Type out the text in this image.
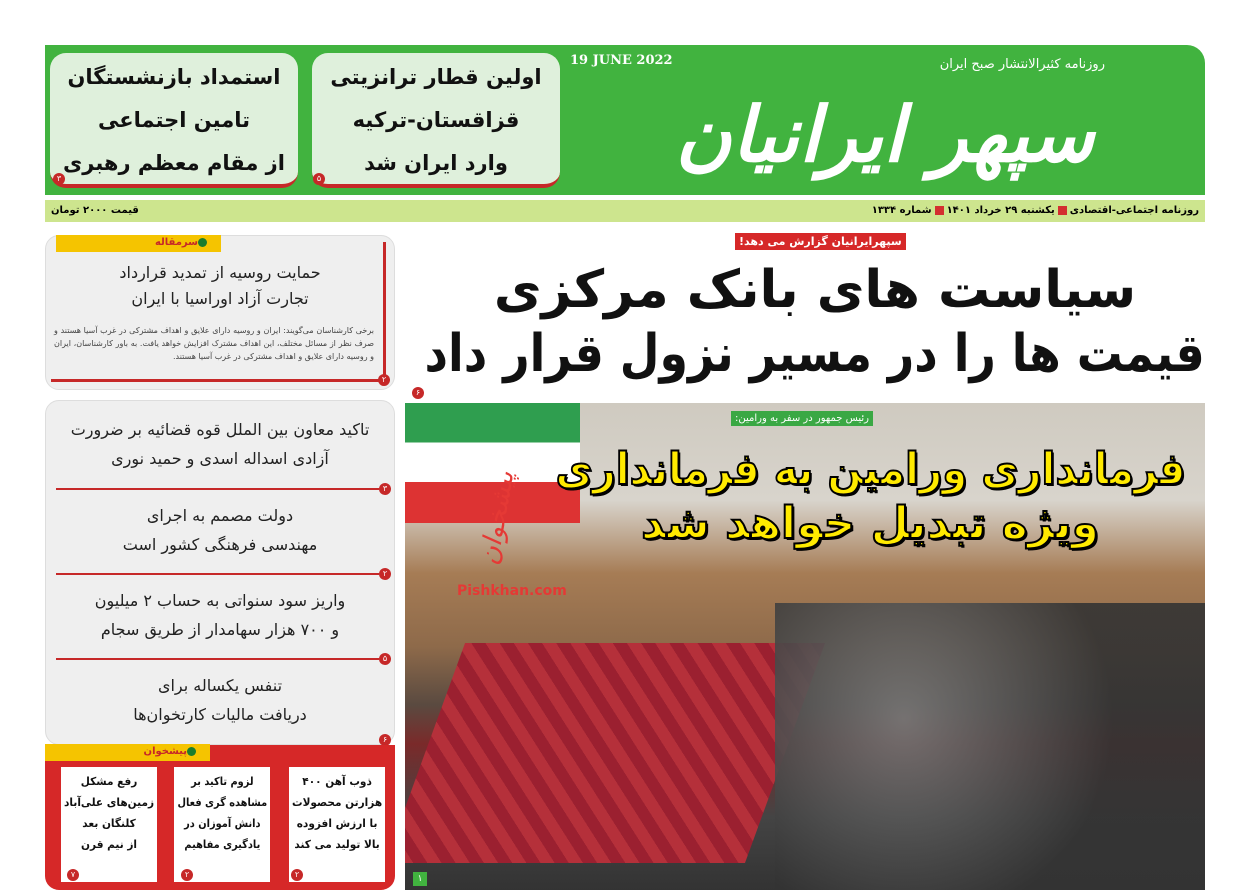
استمداد بازنشستگان
تامین اجتماعی
از مقام معظم رهبری
۳
اولین قطار ترانزیتی
قزاقستان-ترکیه
وارد ایران شد
۵
19 JUNE 2022	روزنامه کثیرالانتشار صبح ایران
سپهر ایرانیان
روزنامه اجتماعی-اقتصادییکشنبه ۲۹ خرداد ۱۴۰۱شماره ۱۳۳۴
قیمت ۲۰۰۰ تومان
سپهرایرانیان گزارش می دهد!
سیاست های بانک مرکزی
قیمت ها را در مسیر نزول قرار داد
۶
سرمقاله
حمایت روسیه از تمدید قرارداد
تجارت آزاد اوراسیا با ایران
برخی کارشناسان می‌گویند: ایران و روسیه دارای علایق و اهداف مشترکی در غرب آسیا هستند و صرف نظر از مسائل مختلف، این اهداف مشترک افزایش خواهد یافت. به باور کارشناسان، ایران و روسیه دارای علایق و اهداف مشترکی در غرب آسیا هستند.
۲
تاکید معاون بین الملل قوه قضائیه بر ضرورت
آزادی اسداله اسدی و حمید نوری
۳
دولت مصمم به اجرای
مهندسی فرهنگی کشور است
۲
واریز سود سنواتی به حساب ۲ میلیون
و ۷۰۰ هزار سهامدار از طریق سجام
۵
تنفس یکساله برای
دریافت مالیات کارتخوان‌ها
۶
پیشخوان
ذوب آهن ۴۰۰
هزارتن محصولات
با ارزش افزوده
بالا تولید می کند
۲
لزوم تاکید بر
مشاهده گری فعال
دانش آموزان در
یادگیری مفاهیم
۲
رفع مشکل
زمین‌های علی‌آباد
کلنگان بعد
از نیم قرن
۷
رئیس جمهور در سفر به ورامین:
فرمانداری ورامین به فرمانداری
ویژه تبدیل خواهد شد
پیشخوان
Pishkhan.com
۱
